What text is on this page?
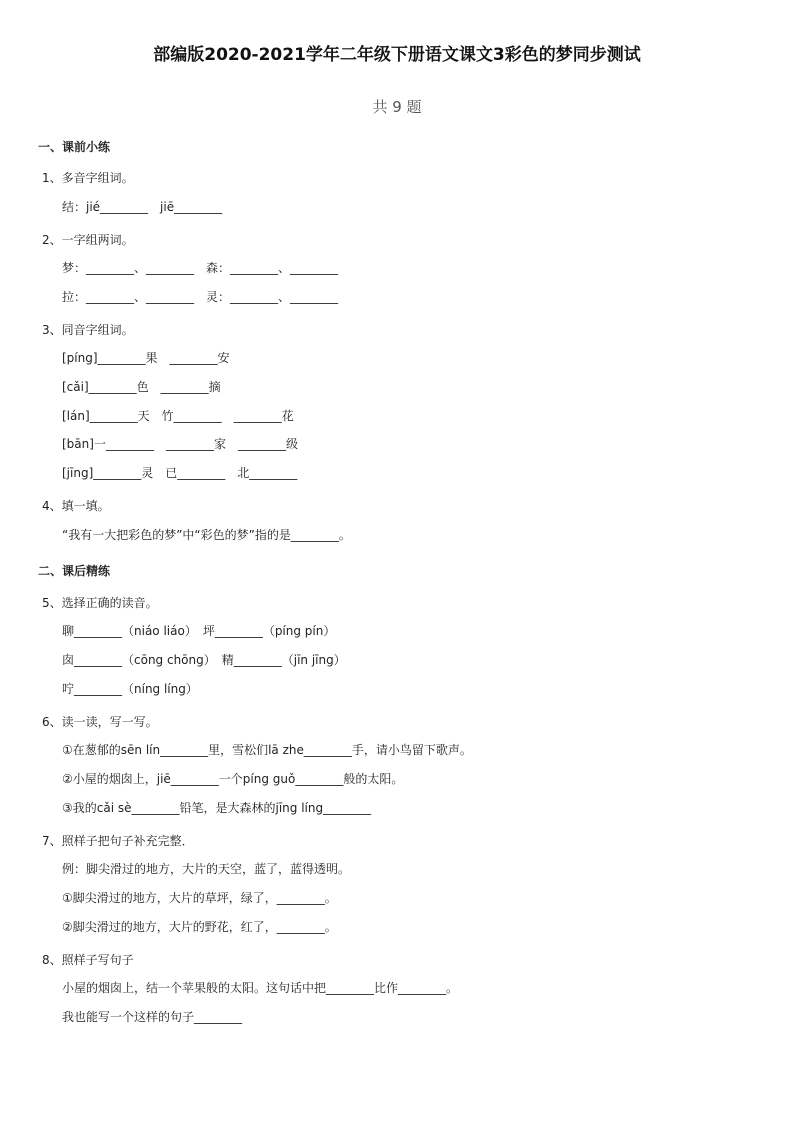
部编版2020-2021学年二年级下册语文课文3彩色的梦同步测试
共 9 题
一、课前小练
1、多音字组词。
结：jié________　jiē________
2、一字组两词。
梦：________、________　森：________、________
拉：________、________　灵：________、________
3、同音字组词。
[píng]________果　________安
[cǎi]________色　________摘
[lán]________天　竹________　________花
[bān]一________　________家　________级
[jīng]________灵　已________　北________
4、填一填。
“我有一大把彩色的梦”中“彩色的梦”指的是________。
二、课后精练
5、选择正确的读音。
聊________（niáo liáo）　坪________（píng pín）
囱________（cōng chōng）　精________（jīn jīng）
咛________（níng líng）
6、读一读，写一写。
①在葱郁的sēn lín________里，雪松们lā zhe________手，请小鸟留下歌声。
②小屋的烟囱上，jiē________一个píng guǒ________般的太阳。
③我的cǎi sè________铅笔，是大森林的jīng líng________
7、照样子把句子补充完整．
例：脚尖滑过的地方，大片的天空，蓝了，蓝得透明。
①脚尖滑过的地方，大片的草坪，绿了，________。
②脚尖滑过的地方，大片的野花，红了，________。
8、照样子写句子
小屋的烟囱上，结一个苹果般的太阳。这句话中把________比作________。
我也能写一个这样的句子________
